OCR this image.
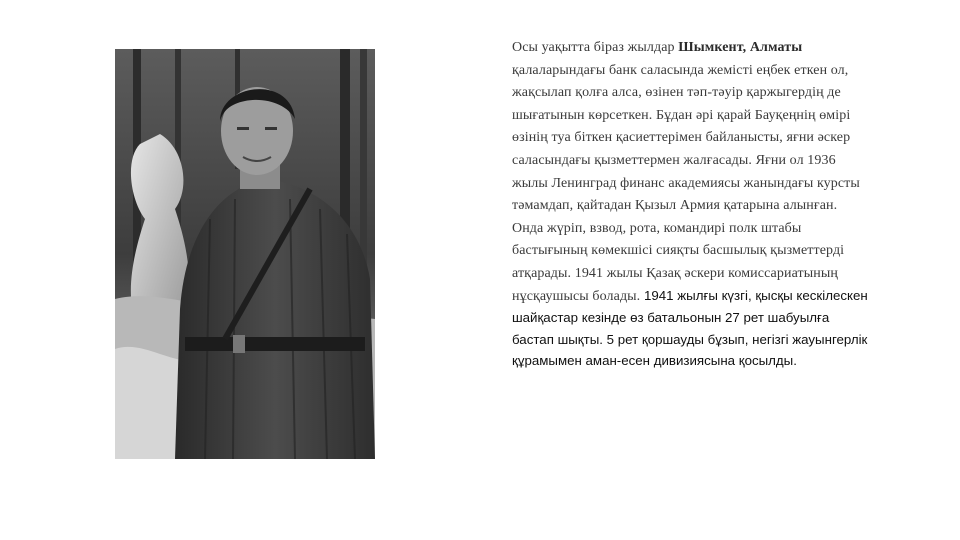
Осы уақытта біраз жылдар Шымкент, Алматы қалаларындағы банк саласында жемісті еңбек еткен ол, жақсылап қолға алса, өзінен тәп-тәуір қаржыгердің де шығатынын көрсеткен. Бұдан әрі қарай Бауқеңнің өмірі өзінің туа біткен қасиеттерімен байланысты, яғни әскер саласындағы қызметтермен жалғасады. Яғни ол 1936 жылы Ленинград финанс академиясы жанындағы курсты тәмамдап, қайтадан Қызыл Армия қатарына алынған. Онда жүріп, взвод, рота, командирі полк штабы бастығының көмекшісі сияқты басшылық қызметтерді атқарады. 1941 жылы Қазақ әскери комиссариатының нұсқаушысы болады. 1941 жылғы күзгі, қысқы кескілескен шайқастар кезінде өз батальонын 27 рет шабуылға бастап шықты. 5 рет қоршауды бұзып, негізгі жауынгерлік құрамымен аман-есен дивизиясына қосылды.
